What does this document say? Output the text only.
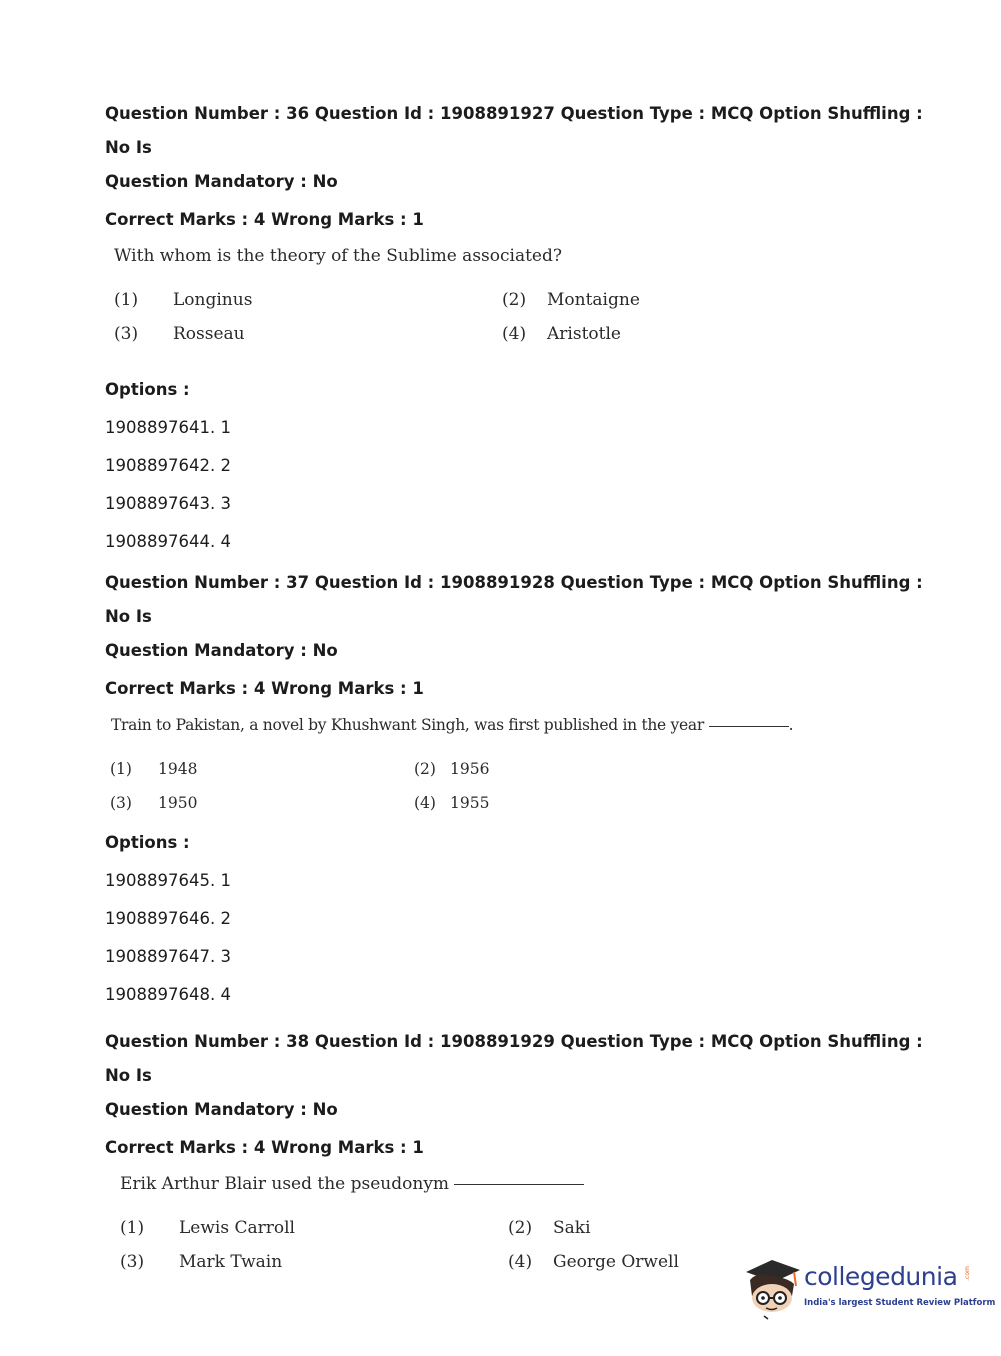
Question Number : 36 Question Id : 1908891927 Question Type : MCQ Option Shuffling : No Is
Question Mandatory : No
Correct Marks : 4 Wrong Marks : 1
With whom is the theory of the Sublime associated?
(1)	Longinus	(2)	Montaigne
(3)	Rosseau	(4)	Aristotle
Options :
1908897641. 1
1908897642. 2
1908897643. 3
1908897644. 4
Question Number : 37 Question Id : 1908891928 Question Type : MCQ Option Shuffling : No Is
Question Mandatory : No
Correct Marks : 4 Wrong Marks : 1
Train to Pakistan, a novel by Khushwant Singh, was first published in the year	.
(1)	1948	(2) 1956
(3)	1950	(4) 1955
Options :
1908897645. 1
1908897646. 2
1908897647. 3
1908897648. 4
Question Number : 38 Question Id : 1908891929 Question Type : MCQ Option Shuffling : No Is
Question Mandatory : No
Correct Marks : 4 Wrong Marks : 1
Erik Arthur Blair used the pseudonym
(1)	Lewis Carroll	(2)	Saki
(3)	Mark Twain	(4)	George Orwell	collegedunia .com
India's largest Student Review Platform
